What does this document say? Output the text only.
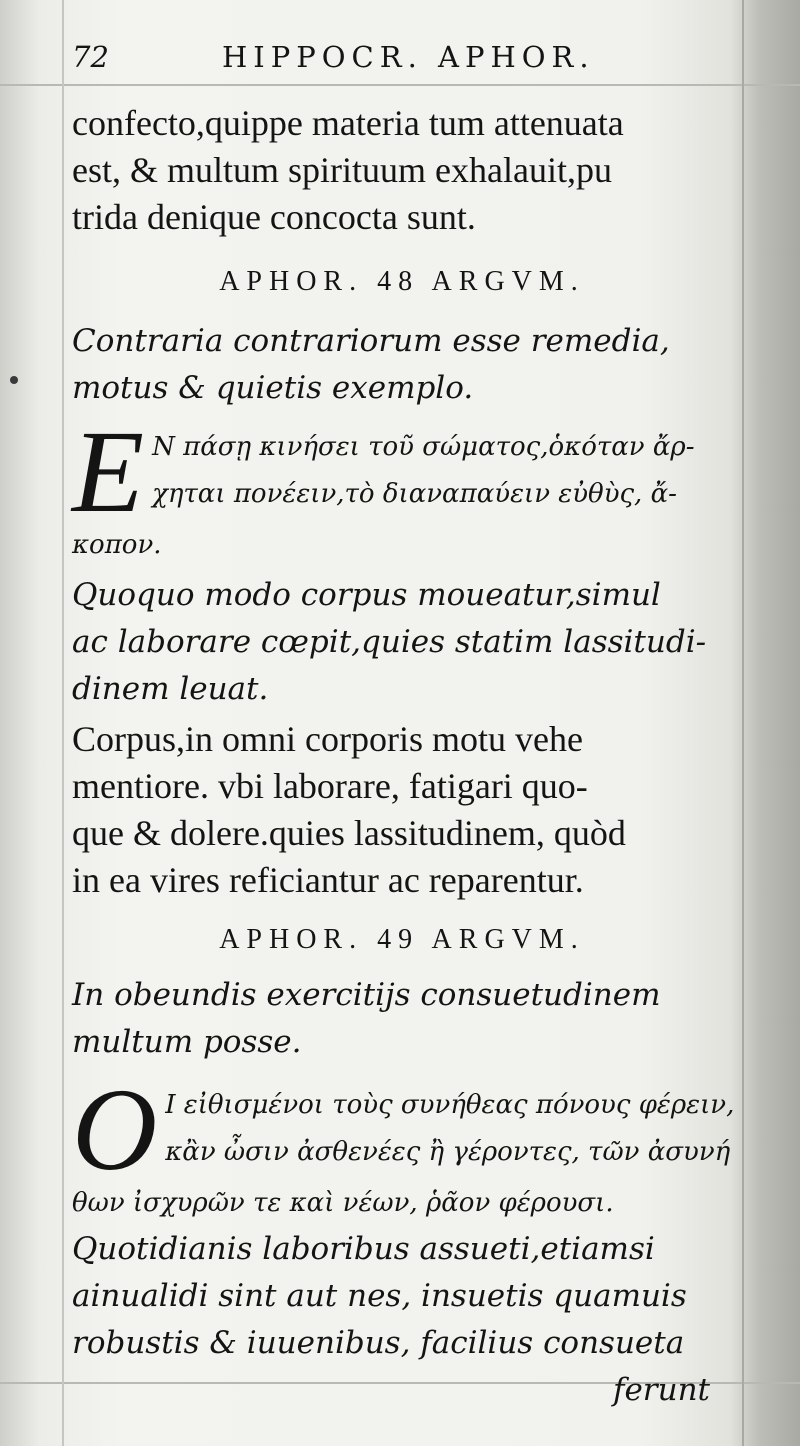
72	HIPPOCR. APHOR.
confecto,quippe materia tum attenuata
est, & multum spirituum exhalauit,pu
trida denique concocta sunt.
APHOR. 48 ARGVM.
Contraria contrariorum esse remedia,
motus & quietis exemplo.
E Ν πάσῃ κινήσει τοῦ σώματος,ὁκόταν ἄρ-
χηται πονέειν,τὸ διαναπαύειν εὐθὺς, ἄ-
κοπον.
Quoquo modo corpus moueatur,simul
ac laborare cœpit,quies statim lassitudi-
dinem leuat.
Corpus,in omni corporis motu vehe
mentiore. vbi laborare, fatigari quo-
que & dolere.quies lassitudinem, quòd
in ea vires reficiantur ac reparentur.
APHOR. 49 ARGVM.
In obeundis exercitijs consuetudinem
multum posse.
O Ι εἰθισμένοι τοὺς συνήθεας πόνους φέρειν,
κἂν ὦσιν ἀσθενέες ἢ γέροντες, τῶν ἀσυνή
θων ἰσχυρῶν τε καὶ νέων, ῥᾶον φέρουσι.
Quotidianis laboribus assueti,etiamsi
ainualidi sint aut nes, insuetis quamuis
robustis & iuuenibus, facilius consueta
ferunt
